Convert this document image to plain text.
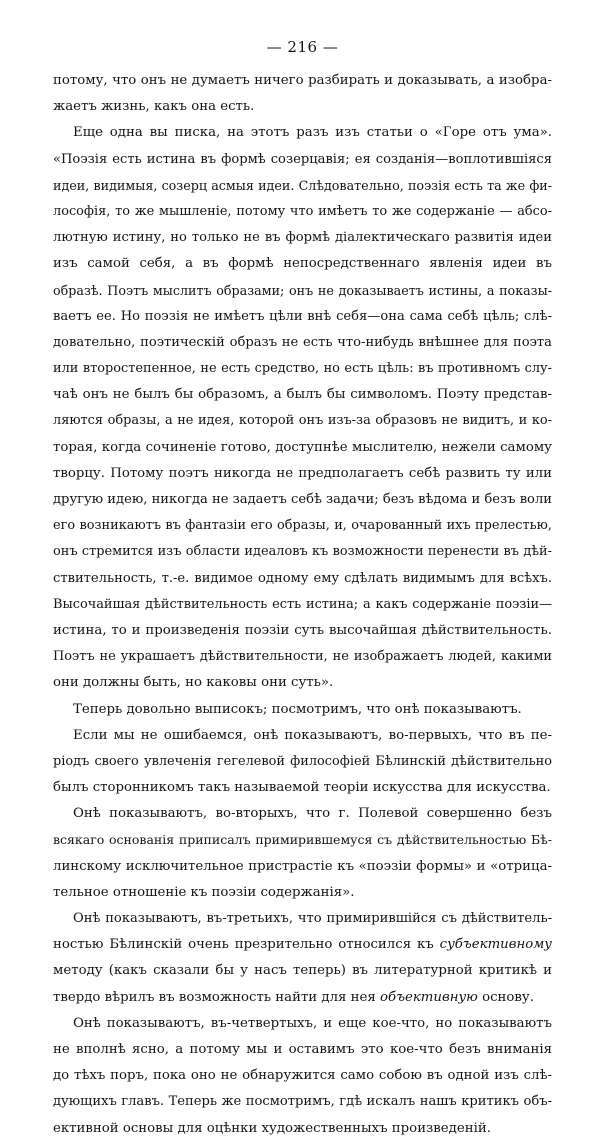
— 216 —
потому, что онъ не думаетъ ничего разбирать и доказывать, а изобра-
жаетъ жизнь, какъ она есть.
Еще одна вы писка, на этотъ разъ изъ статьи о «Горе отъ ума».
«Поэзія есть истина въ формѣ созерцавія; ея созданія—воплотившіяся
идеи, видимыя, созерц асмыя идеи. Слѣдовательно, поэзія есть та же фи-
лософія, то же мышленіе, потому что имѣетъ то же содержаніе — абсо-
лютную истину, но только не въ формѣ діалектическаго развитія идеи
изъ самой себя, а въ формѣ непосредственнаго явленія идеи въ
образѣ. Поэтъ мыслитъ образами; онъ не доказываетъ истины, а показы-
ваетъ ее. Но поэзія не имѣетъ цѣли внѣ себя—она сама себѣ цѣль; слѣ-
довательно, поэтическій образъ не есть что-нибудь внѣшнее для поэта
или второстепенное, не есть средство, но есть цѣль: въ противномъ слу-
чаѣ онъ не былъ бы образомъ, а былъ бы символомъ. Поэту представ-
ляются образы, а не идея, которой онъ изъ-за образовъ не видитъ, и ко-
торая, когда сочиненіе готово, доступнѣе мыслителю, нежели самому
творцу. Потому поэтъ никогда не предполагаетъ себѣ развить ту или
другую идею, никогда не задаетъ себѣ задачи; безъ вѣдома и безъ воли
его возникаютъ въ фантазіи его образы, и, очарованный ихъ прелестью,
онъ стремится изъ области идеаловъ къ возможности перенести въ дѣй-
ствительность, т.-е. видимое одному ему сдѣлать видимымъ для всѣхъ.
Высочайшая дѣйствительность есть истина; а какъ содержаніе поэзіи—
истина, то и произведенія поэзіи суть высочайшая дѣйствительность.
Поэтъ не украшаетъ дѣйствительности, не изображаетъ людей, какими
они должны быть, но каковы они суть».
Теперь довольно выписокъ; посмотримъ, что онѣ показываютъ.
Если мы не ошибаемся, онѣ показываютъ, во-первыхъ, что въ пе-
ріодъ своего увлеченія гегелевой философіей Бѣлинскій дѣйствительно
былъ сторонникомъ такъ называемой теоріи искусства для искусства.
Онѣ показываютъ, во-вторыхъ, что г. Полевой совершенно безъ
всякаго основанія приписалъ примирившемуся съ дѣйствительностью Бѣ-
линскому исключительное пристрастіе къ «поэзіи формы» и «отрица-
тельное отношеніе къ поэзіи содержанія».
Онѣ показываютъ, въ-третьихъ, что примирившійся съ дѣйствитель-
ностью Бѣлинскій очень презрительно относился къ субъективному
методу (какъ сказали бы у насъ теперь) въ литературной критикѣ и
твердо вѣрилъ въ возможность найти для нея объективную основу.
Онѣ показываютъ, въ-четвертыхъ, и еще кое-что, но показываютъ
не вполнѣ ясно, а потому мы и оставимъ это кое-что безъ вниманія
до тѣхъ поръ, пока оно не обнаружится само собою въ одной изъ слѣ-
дующихъ главъ. Теперь же посмотримъ, гдѣ искалъ нашъ критикъ объ-
ективной основы для оцѣнки художественныхъ произведеній.
